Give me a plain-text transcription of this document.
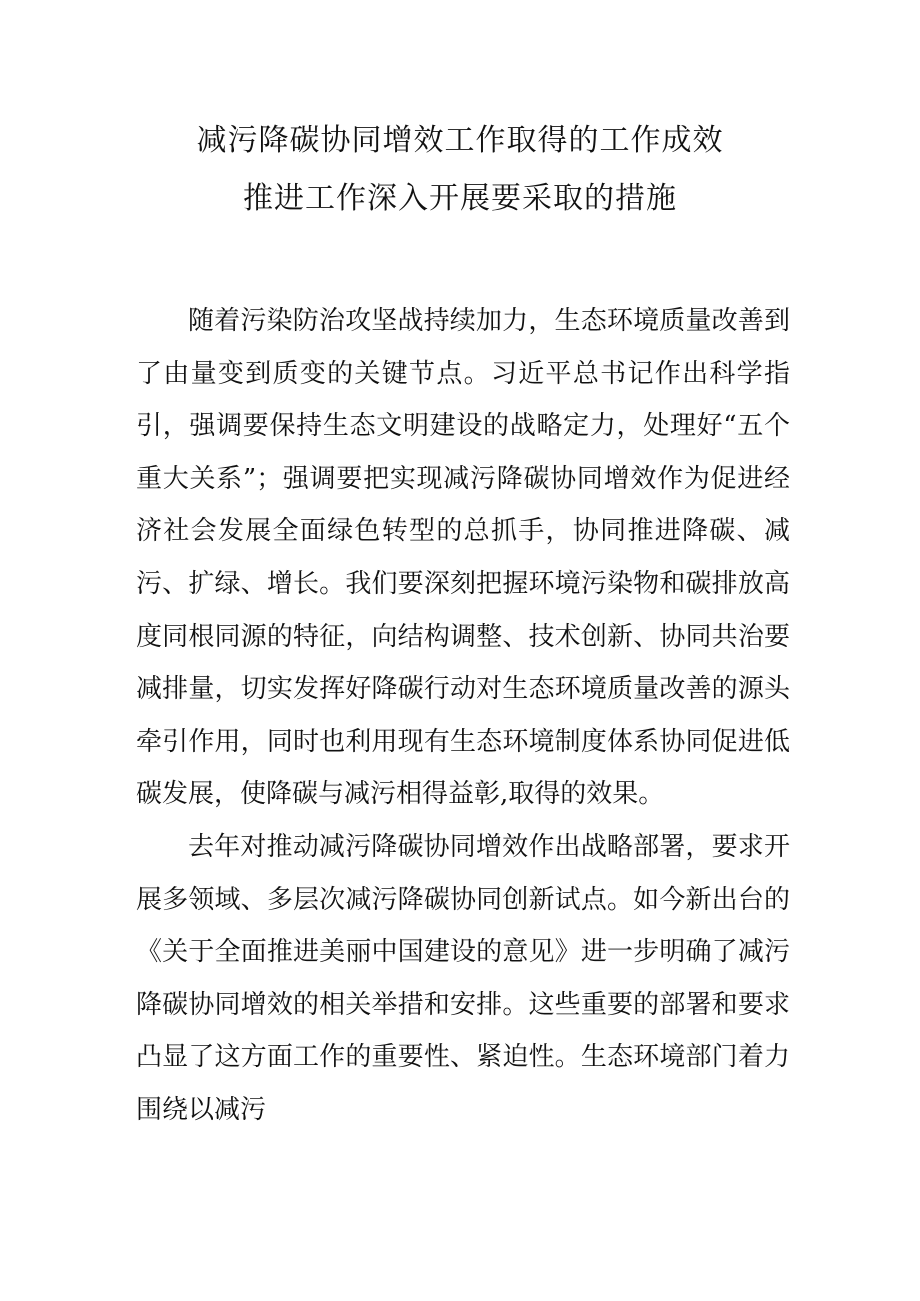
减污降碳协同增效工作取得的工作成效
推进工作深入开展要采取的措施

随着污染防治攻坚战持续加力，生态环境质量改善到了由量变到质变的关键节点。习近平总书记作出科学指引，强调要保持生态文明建设的战略定力，处理好“五个重大关系”；强调要把实现减污降碳协同增效作为促进经济社会发展全面绿色转型的总抓手，协同推进降碳、减污、扩绿、增长。我们要深刻把握环境污染物和碳排放高度同根同源的特征，向结构调整、技术创新、协同共治要减排量，切实发挥好降碳行动对生态环境质量改善的源头牵引作用，同时也利用现有生态环境制度体系协同促进低碳发展，使降碳与减污相得益彰,取得的效果。

去年对推动减污降碳协同增效作出战略部署，要求开展多领域、多层次减污降碳协同创新试点。如今新出台的《关于全面推进美丽中国建设的意见》进一步明确了减污降碳协同增效的相关举措和安排。这些重要的部署和要求凸显了这方面工作的重要性、紧迫性。生态环境部门着力围绕以减污
